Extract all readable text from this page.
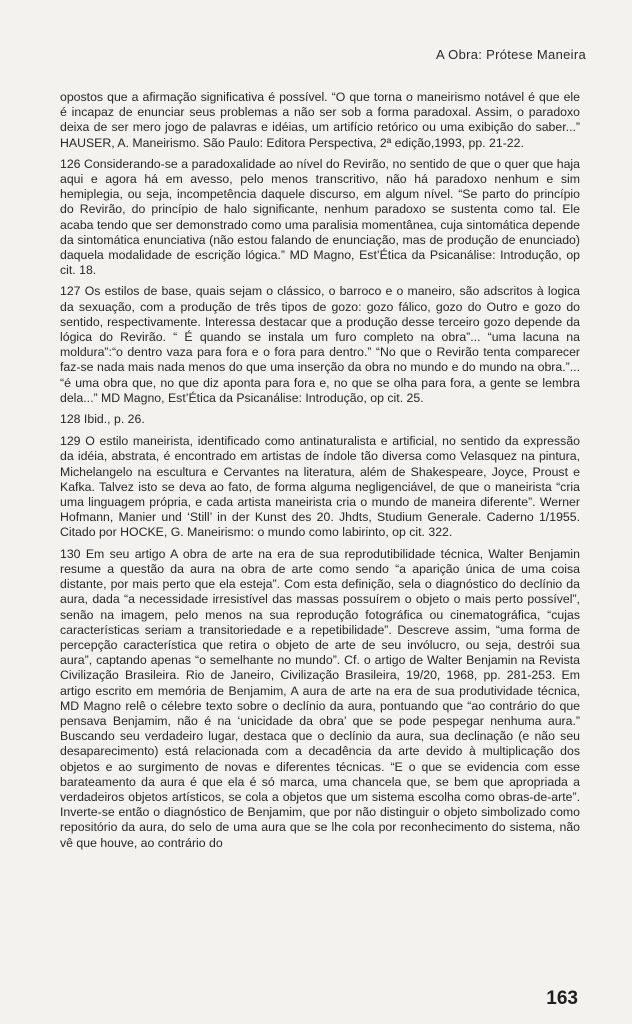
A Obra: Prótese Maneira

opostos que a afirmação significativa é possível. “O que torna o maneirismo notável é que ele é incapaz de enunciar seus problemas a não ser sob a forma paradoxal. Assim, o paradoxo deixa de ser mero jogo de palavras e idéias, um artifício retórico ou uma exibição do saber...” HAUSER, A. Maneirismo. São Paulo: Editora Perspectiva, 2ª edição,1993, pp. 21-22.

126 Considerando-se a paradoxalidade ao nível do Revirão, no sentido de que o quer que haja aqui e agora há em avesso, pelo menos transcritivo, não há paradoxo nenhum e sim hemiplegia, ou seja, incompetência daquele discurso, em algum nível. “Se parto do princípio do Revirão, do princípio de halo significante, nenhum paradoxo se sustenta como tal. Ele acaba tendo que ser demonstrado como uma paralisia momentânea, cuja sintomática depende da sintomática enunciativa (não estou falando de enunciação, mas de produção de enunciado) daquela modalidade de escrição lógica.” MD Magno, Est’Ética da Psicanálise: Introdução, op cit. 18.

127 Os estilos de base, quais sejam o clássico, o barroco e o maneiro, são adscritos à logica da sexuação, com a produção de três tipos de gozo: gozo fálico, gozo do Outro e gozo do sentido, respectivamente. Interessa destacar que a produção desse terceiro gozo depende da lógica do Revirão. “ É quando se instala um furo completo na obra”... “uma lacuna na moldura”:“o dentro vaza para fora e o fora para dentro.” “No que o Revirão tenta comparecer faz-se nada mais nada menos do que uma inserção da obra no mundo e do mundo na obra.”... “é uma obra que, no que diz aponta para fora e, no que se olha para fora, a gente se lembra dela...” MD Magno, Est’Ética da Psicanálise: Introdução, op cit. 25.

128 Ibid., p. 26.

129 O estilo maneirista, identificado como antinaturalista e artificial, no sentido da expressão da idéia, abstrata, é encontrado em artistas de índole tão diversa como Velasquez na pintura, Michelangelo na escultura e Cervantes na literatura, além de Shakespeare, Joyce, Proust e Kafka. Talvez isto se deva ao fato, de forma alguma negligenciável, de que o maneirista “cria uma linguagem própria, e cada artista maneirista cria o mundo de maneira diferente”. Werner Hofmann, Manier und ‘Still’ in der Kunst des 20. Jhdts, Studium Generale. Caderno 1/1955. Citado por HOCKE, G. Maneirismo: o mundo como labirinto, op cit. 322.

130 Em seu artigo A obra de arte na era de sua reprodutibilidade técnica, Walter Benjamin resume a questão da aura na obra de arte como sendo “a aparição única de uma coisa distante, por mais perto que ela esteja”. Com esta definição, sela o diagnóstico do declínio da aura, dada “a necessidade irresistível das massas possuírem o objeto o mais perto possível”, senão na imagem, pelo menos na sua reprodução fotográfica ou cinematográfica, “cujas características seriam a transitoriedade e a repetibilidade”. Descreve assim, “uma forma de percepção característica que retira o objeto de arte de seu invólucro, ou seja, destrói sua aura”, captando apenas “o semelhante no mundo”. Cf. o artigo de Walter Benjamin na Revista Civilização Brasileira. Rio de Janeiro, Civilização Brasileira, 19/20, 1968, pp. 281-253. Em artigo escrito em memória de Benjamim, A aura de arte na era de sua produtividade técnica, MD Magno relê o célebre texto sobre o declínio da aura, pontuando que “ao contrário do que pensava Benjamim, não é na ‘unicidade da obra’ que se pode pespegar nenhuma aura.” Buscando seu verdadeiro lugar, destaca que o declínio da aura, sua declinação (e não seu desaparecimento) está relacionada com a decadência da arte devido à multiplicação dos objetos e ao surgimento de novas e diferentes técnicas. “E o que se evidencia com esse barateamento da aura é que ela é só marca, uma chancela que, se bem que apropriada a verdadeiros objetos artísticos, se cola a objetos que um sistema escolha como obras-de-arte”. Inverte-se então o diagnóstico de Benjamim, que por não distinguir o objeto simbolizado como repositório da aura, do selo de uma aura que se lhe cola por reconhecimento do sistema, não vê que houve, ao contrário do

163
